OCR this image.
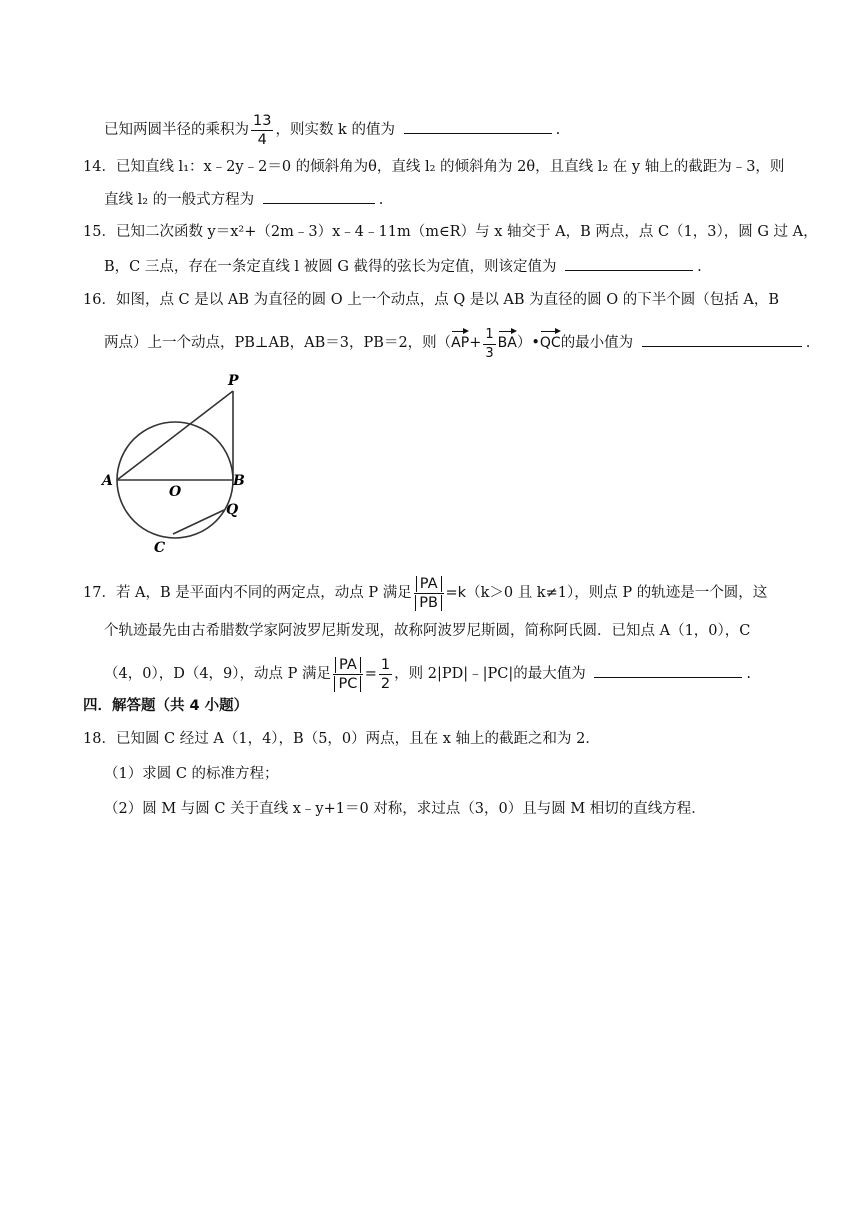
已知两圆半径的乘积为 $\frac{13}{4}$ ，则实数 k 的值为	.
14．已知直线 l₁：x﹣2y﹣2＝0 的倾斜角为θ，直线 l₂ 的倾斜角为 2θ，且直线 l₂ 在 y 轴上的截距为﹣3，则
直线 l₂ 的一般式方程为	.
15．已知二次函数 y＝x²+（2m﹣3）x﹣4﹣11m（m∈R）与 x 轴交于 A，B 两点，点 C（1，3），圆 G 过 A，
B，C 三点，存在一条定直线 l 被圆 G 截得的弦长为定值，则该定值为	.
16．如图，点 C 是以 AB 为直径的圆 O 上一个动点，点 Q 是以 AB 为直径的圆 O 的下半个圆（包括 A，B
两点）上一个动点，PB⊥AB，AB＝3，PB＝2，则（$AP+ \frac{1}{3}$ BA）•QC的最小值为	.
P
A
O
B
Q
C
17．若 A，B 是平面内不同的两定点，动点 P 满足 $\frac{PA}{PB} =k(k>0$ 且 k≠1），则点 P 的轨迹是一个圆，这
个轨迹最先由古希腊数学家阿波罗尼斯发现，故称阿波罗尼斯圆，简称阿氏圆．已知点 A（1，0），C
（4，0），D（4，9），动点 P 满足 $\frac{PA}{PC} = \frac{1}{2}$ ，则 2|PD|﹣|PC|的最大值为	.
四．解答题（共 4 小题）
18．已知圆 C 经过 A（1，4），B（5，0）两点，且在 x 轴上的截距之和为 2．
（1）求圆 C 的标准方程；
（2）圆 M 与圆 C 关于直线 x﹣y+1＝0 对称，求过点（3，0）且与圆 M 相切的直线方程．
